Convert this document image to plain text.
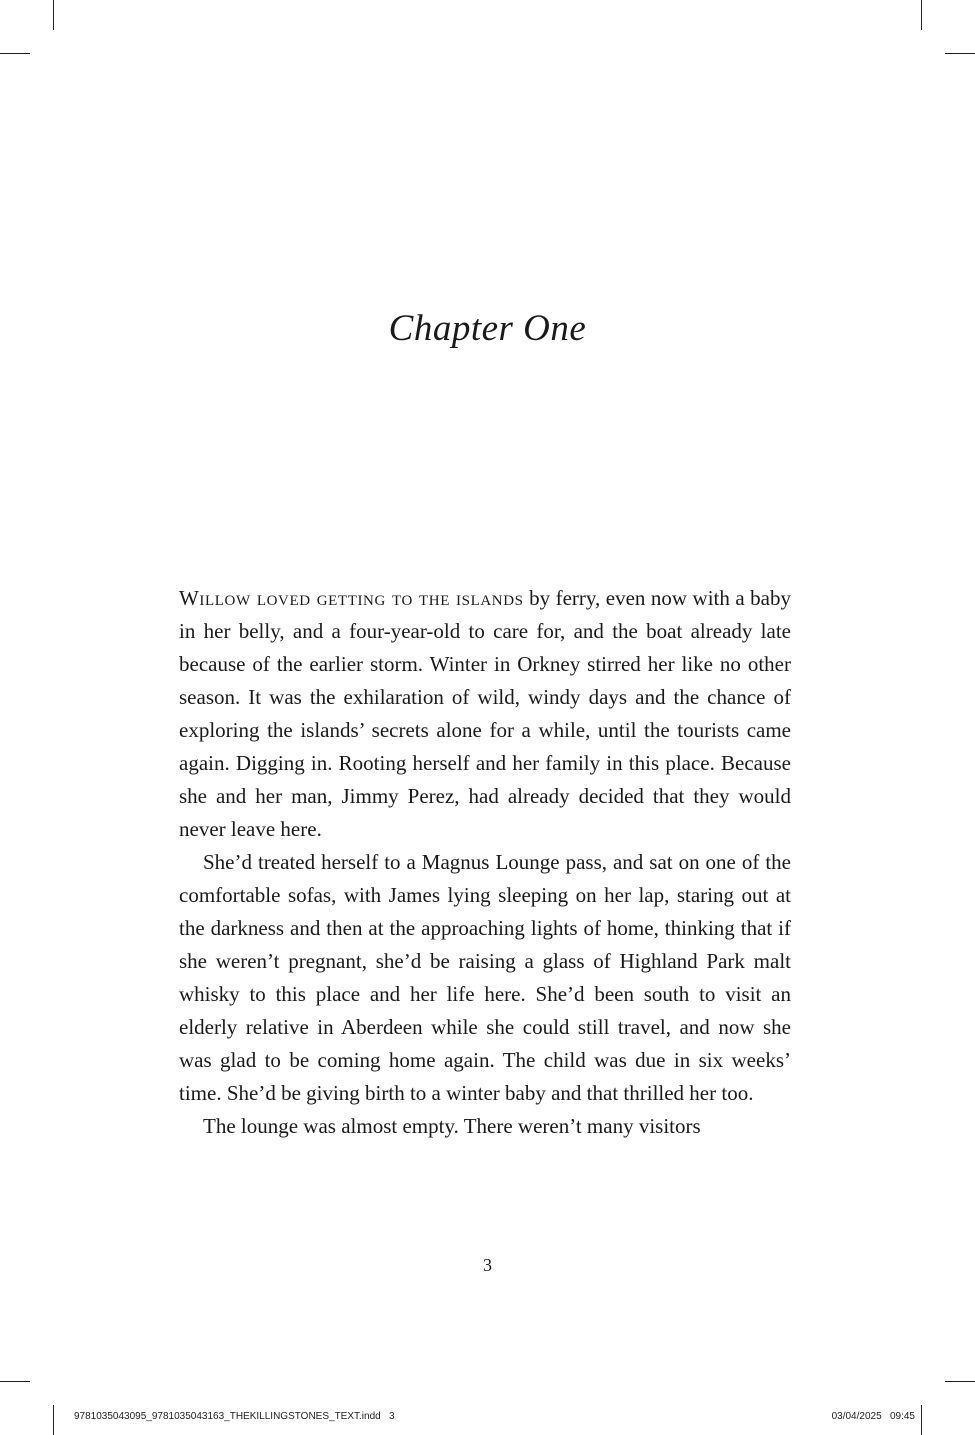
Chapter One

Willow loved getting to the islands by ferry, even now with a baby in her belly, and a four-year-old to care for, and the boat already late because of the earlier storm. Winter in Orkney stirred her like no other season. It was the exhilaration of wild, windy days and the chance of exploring the islands’ secrets alone for a while, until the tourists came again. Digging in. Rooting herself and her family in this place. Because she and her man, Jimmy Perez, had already decided that they would never leave here.

She’d treated herself to a Magnus Lounge pass, and sat on one of the comfortable sofas, with James lying sleeping on her lap, staring out at the darkness and then at the approaching lights of home, thinking that if she weren’t pregnant, she’d be raising a glass of Highland Park malt whisky to this place and her life here. She’d been south to visit an elderly relative in Aberdeen while she could still travel, and now she was glad to be coming home again. The child was due in six weeks’ time. She’d be giving birth to a winter baby and that thrilled her too.

The lounge was almost empty. There weren’t many visitors

3
9781035043095_9781035043163_THEKILLINGSTONES_TEXT.indd   3	03/04/2025   09:45
